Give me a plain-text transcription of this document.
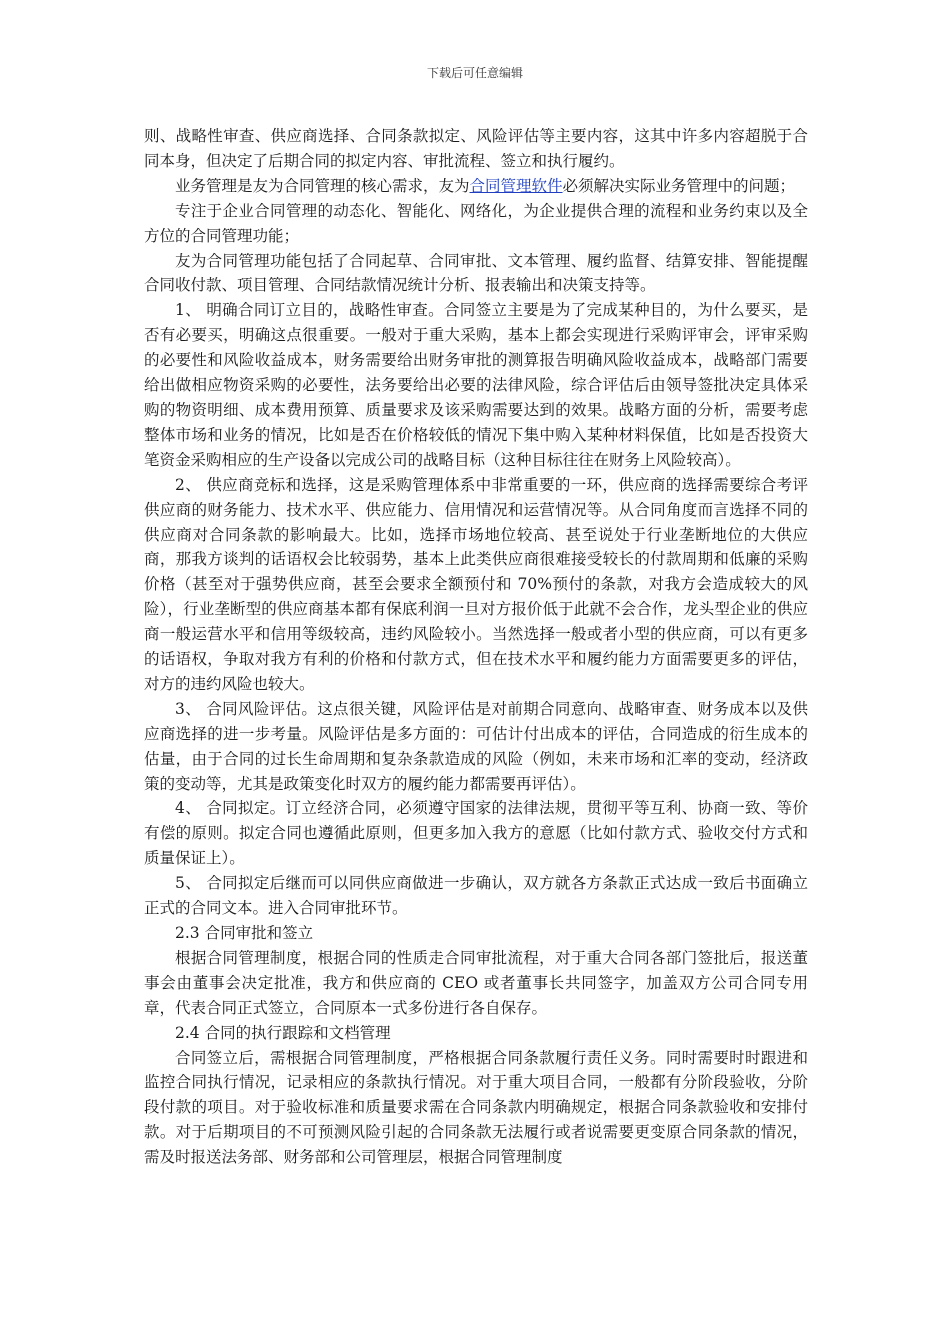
下载后可任意编辑

则、战略性审查、供应商选择、合同条款拟定、风险评估等主要内容，这其中许多内容超脱于合同本身，但决定了后期合同的拟定内容、审批流程、签立和执行履约。

业务管理是友为合同管理的核心需求，友为合同管理软件必须解决实际业务管理中的问题；

专注于企业合同管理的动态化、智能化、网络化，为企业提供合理的流程和业务约束以及全方位的合同管理功能；

友为合同管理功能包括了合同起草、合同审批、文本管理、履约监督、结算安排、智能提醒合同收付款、项目管理、合同结款情况统计分析、报表输出和决策支持等。

1、 明确合同订立目的，战略性审查。合同签立主要是为了完成某种目的，为什么要买，是否有必要买，明确这点很重要。一般对于重大采购，基本上都会实现进行采购评审会，评审采购的必要性和风险收益成本，财务需要给出财务审批的测算报告明确风险收益成本，战略部门需要给出做相应物资采购的必要性，法务要给出必要的法律风险，综合评估后由领导签批决定具体采购的物资明细、成本费用预算、质量要求及该采购需要达到的效果。战略方面的分析，需要考虑整体市场和业务的情况，比如是否在价格较低的情况下集中购入某种材料保值，比如是否投资大笔资金采购相应的生产设备以完成公司的战略目标（这种目标往往在财务上风险较高）。

2、 供应商竞标和选择，这是采购管理体系中非常重要的一环，供应商的选择需要综合考评供应商的财务能力、技术水平、供应能力、信用情况和运营情况等。从合同角度而言选择不同的供应商对合同条款的影响最大。比如，选择市场地位较高、甚至说处于行业垄断地位的大供应商，那我方谈判的话语权会比较弱势，基本上此类供应商很难接受较长的付款周期和低廉的采购价格（甚至对于强势供应商，甚至会要求全额预付和 70%预付的条款，对我方会造成较大的风险），行业垄断型的供应商基本都有保底利润一旦对方报价低于此就不会合作，龙头型企业的供应商一般运营水平和信用等级较高，违约风险较小。当然选择一般或者小型的供应商，可以有更多的话语权，争取对我方有利的价格和付款方式，但在技术水平和履约能力方面需要更多的评估，对方的违约风险也较大。

3、 合同风险评估。这点很关键，风险评估是对前期合同意向、战略审查、财务成本以及供应商选择的进一步考量。风险评估是多方面的：可估计付出成本的评估，合同造成的衍生成本的估量，由于合同的过长生命周期和复杂条款造成的风险（例如，未来市场和汇率的变动，经济政策的变动等，尤其是政策变化时双方的履约能力都需要再评估）。

4、 合同拟定。订立经济合同，必须遵守国家的法律法规，贯彻平等互利、协商一致、等价有偿的原则。拟定合同也遵循此原则，但更多加入我方的意愿（比如付款方式、验收交付方式和质量保证上）。

5、 合同拟定后继而可以同供应商做进一步确认，双方就各方条款正式达成一致后书面确立正式的合同文本。进入合同审批环节。

2.3 合同审批和签立

根据合同管理制度，根据合同的性质走合同审批流程，对于重大合同各部门签批后，报送董事会由董事会决定批准，我方和供应商的 CEO 或者董事长共同签字，加盖双方公司合同专用章，代表合同正式签立，合同原本一式多份进行各自保存。

2.4 合同的执行跟踪和文档管理

合同签立后，需根据合同管理制度，严格根据合同条款履行责任义务。同时需要时时跟进和监控合同执行情况，记录相应的条款执行情况。对于重大项目合同，一般都有分阶段验收，分阶段付款的项目。对于验收标准和质量要求需在合同条款内明确规定，根据合同条款验收和安排付款。对于后期项目的不可预测风险引起的合同条款无法履行或者说需要更变原合同条款的情况，需及时报送法务部、财务部和公司管理层，根据合同管理制度
